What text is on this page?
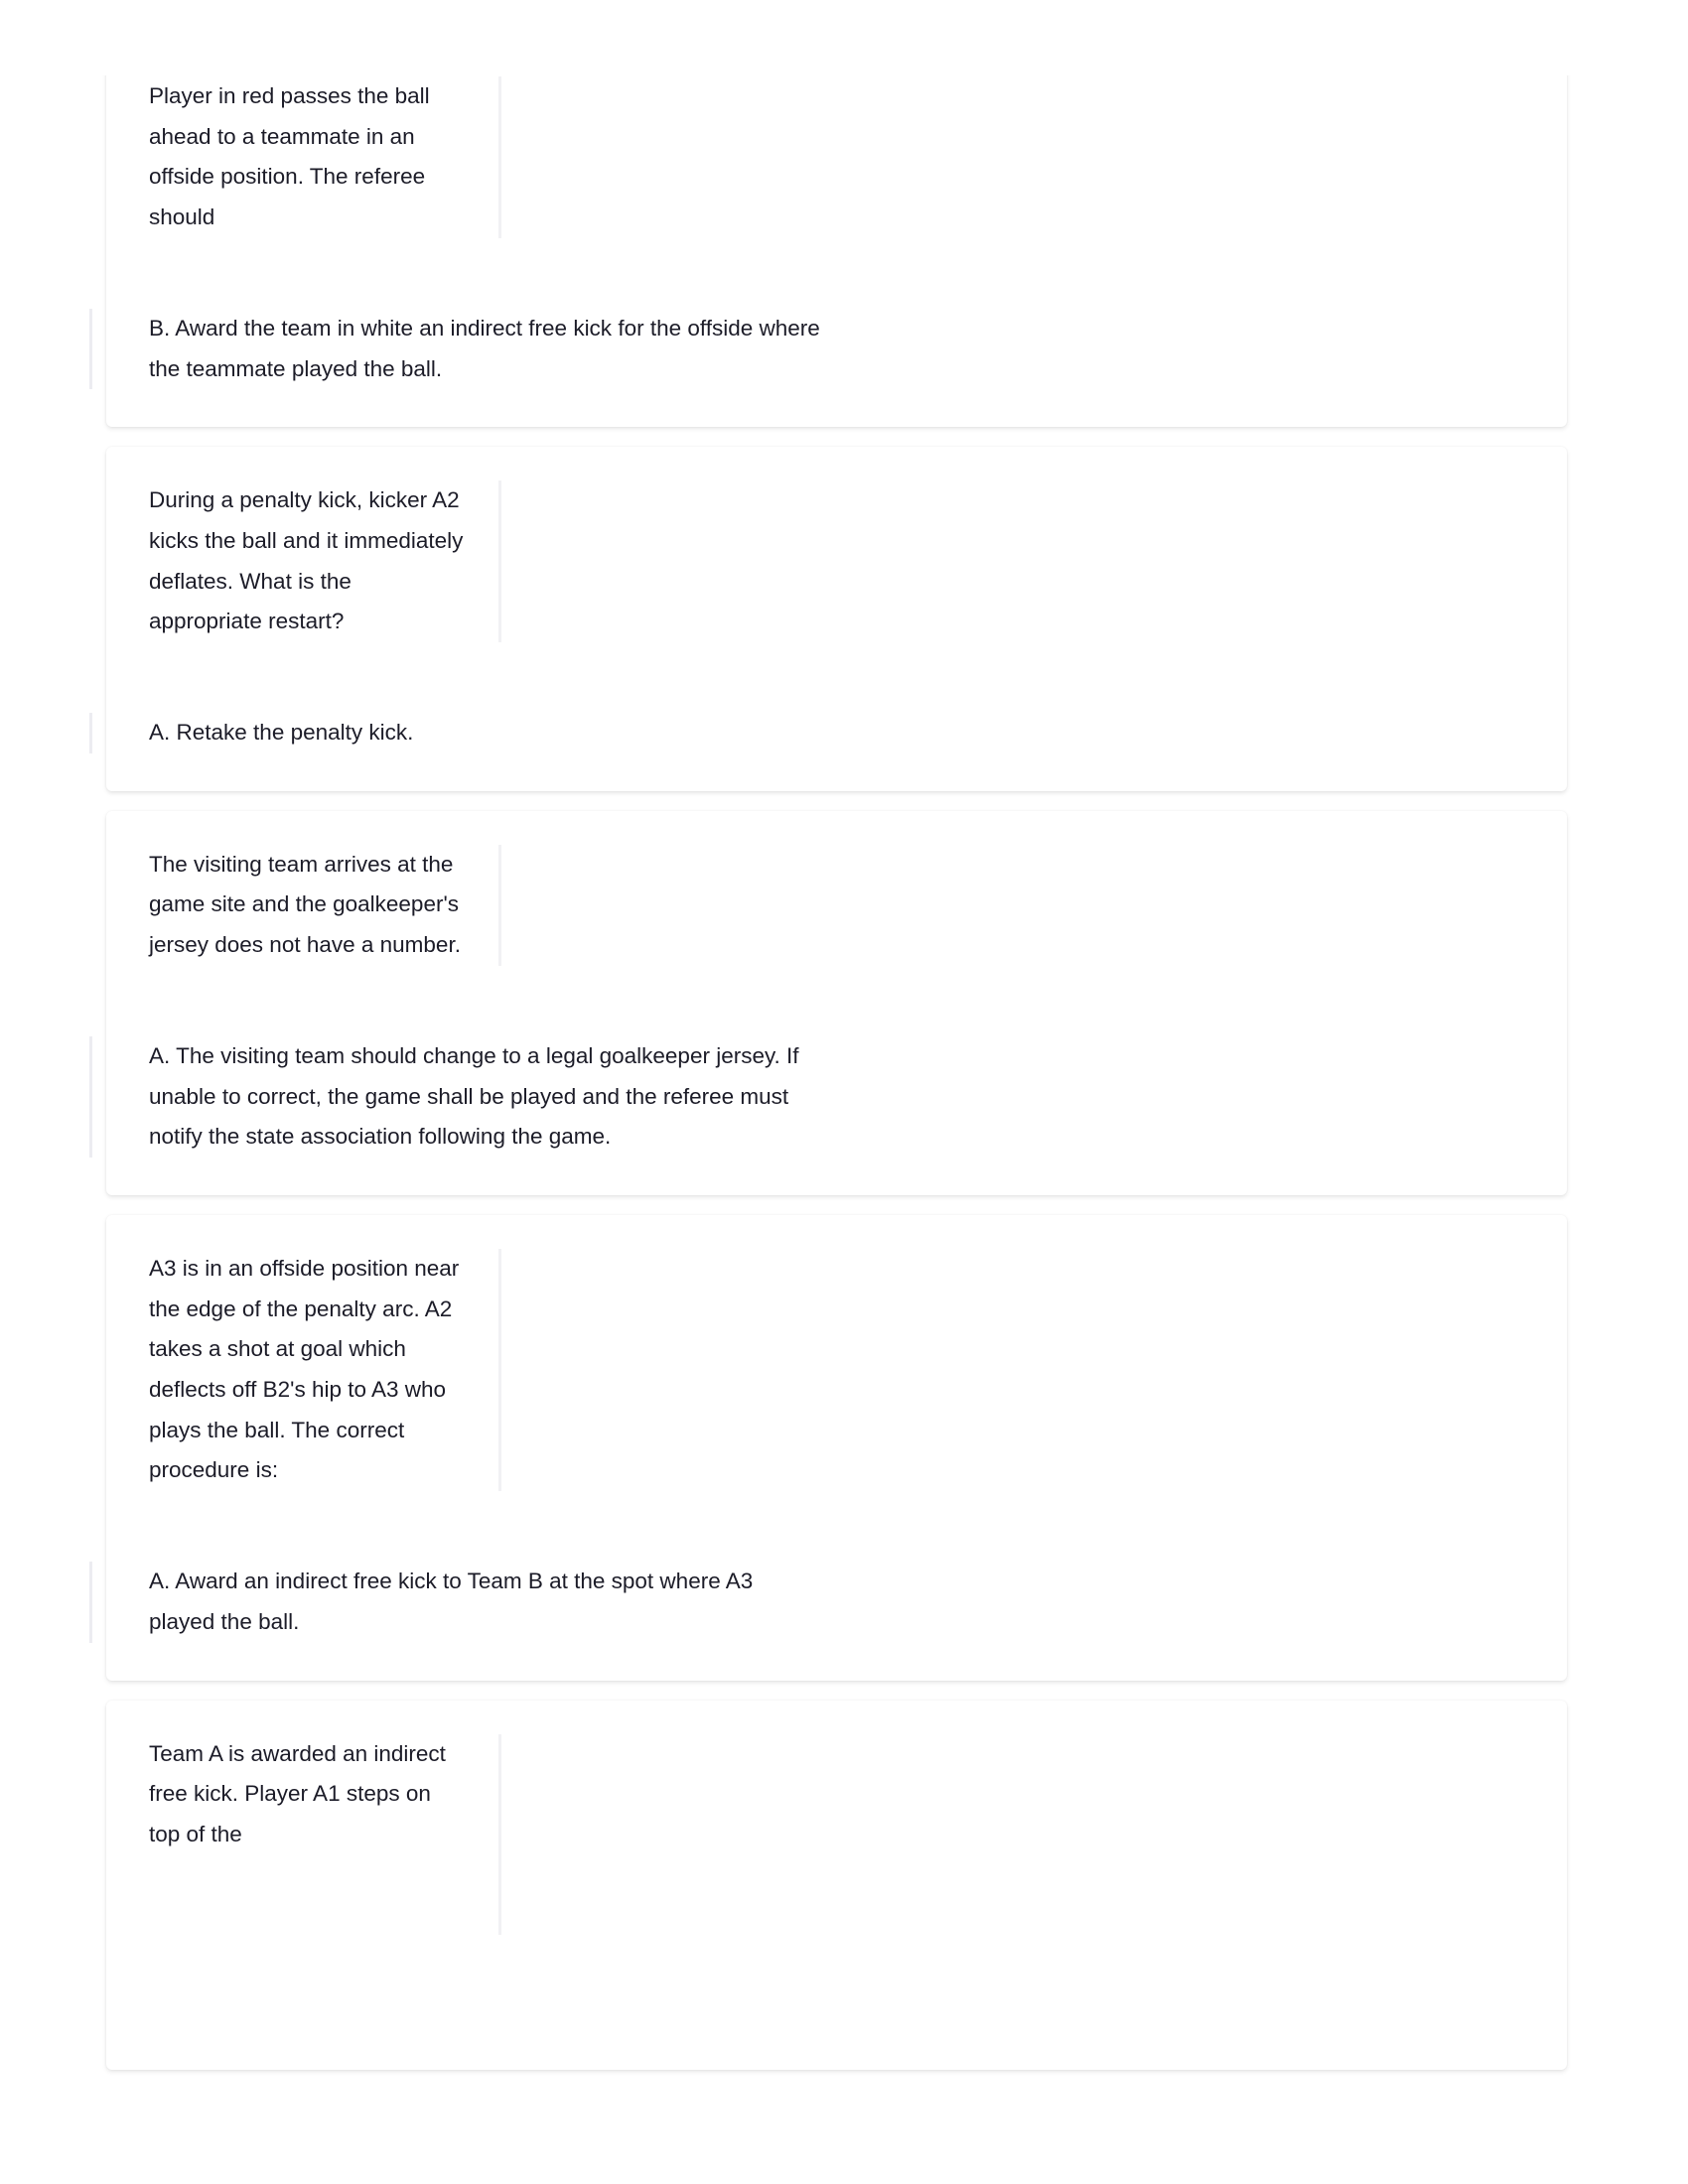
Player in red passes the ball ahead to a teammate in an offside position. The referee should
B. Award the team in white an indirect free kick for the offside where the teammate played the ball.
During a penalty kick, kicker A2 kicks the ball and it immediately deflates. What is the appropriate restart?
A. Retake the penalty kick.
The visiting team arrives at the game site and the goalkeeper's jersey does not have a number.
A. The visiting team should change to a legal goalkeeper jersey. If unable to correct, the game shall be played and the referee must notify the state association following the game.
A3 is in an offside position near the edge of the penalty arc. A2 takes a shot at goal which deflects off B2's hip to A3 who plays the ball. The correct procedure is:
A. Award an indirect free kick to Team B at the spot where A3 played the ball.
Team A is awarded an indirect free kick. Player A1 steps on top of the
